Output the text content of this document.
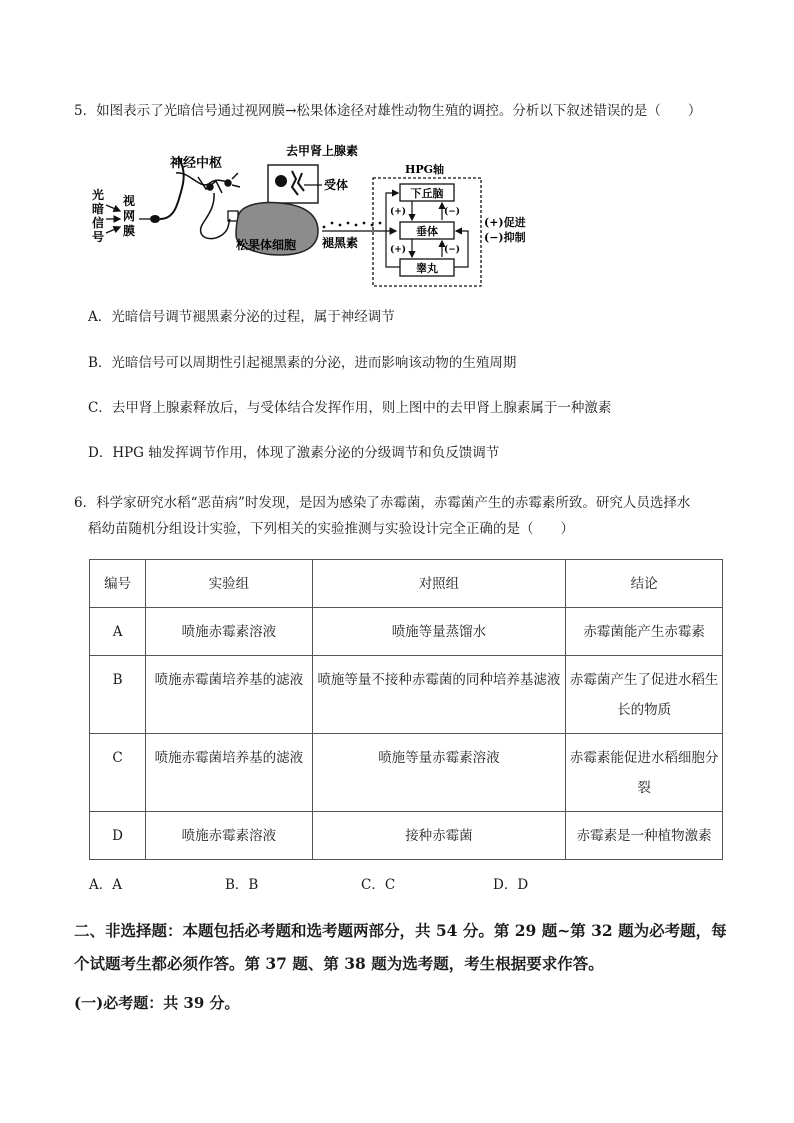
5．如图表示了光暗信号通过视网膜→松果体途径对雄性动物生殖的调控。分析以下叙述错误的是（　　）
光
暗
信
号
视
网
膜
神经中枢
去甲肾上腺素
受体
松果体细胞 褪黑素
HPG轴
下丘脑
垂体
睾丸
(+)	(−)
(+)	(−)
(+)促进
(−)抑制
A．光暗信号调节褪黑素分泌的过程，属于神经调节
B．光暗信号可以周期性引起褪黑素的分泌，进而影响该动物的生殖周期
C．去甲肾上腺素释放后，与受体结合发挥作用，则上图中的去甲肾上腺素属于一种激素
D．HPG 轴发挥调节作用，体现了激素分泌的分级调节和负反馈调节
6．科学家研究水稻“恶苗病”时发现，是因为感染了赤霉菌，赤霉菌产生的赤霉素所致。研究人员选择水
稻幼苗随机分组设计实验，下列相关的实验推测与实验设计完全正确的是（　　）
编号	实验组	对照组	结论
A	喷施赤霉素溶液	喷施等量蒸馏水	赤霉菌能产生赤霉素
B	喷施赤霉菌培养基的滤液	喷施等量不接种赤霉菌的同种培养基滤液	赤霉菌产生了促进水稻生长的物质
C	喷施赤霉菌培养基的滤液	喷施等量赤霉素溶液	赤霉素能促进水稻细胞分裂
D	喷施赤霉素溶液	接种赤霉菌	赤霉素是一种植物激素
A．A	B．B	C．C	D．D
二、非选择题：本题包括必考题和选考题两部分，共 54 分。第 29 题~第 32 题为必考题，每个试题考生都必须作答。第 37 题、第 38 题为选考题，考生根据要求作答。
(一)必考题：共 39 分。
